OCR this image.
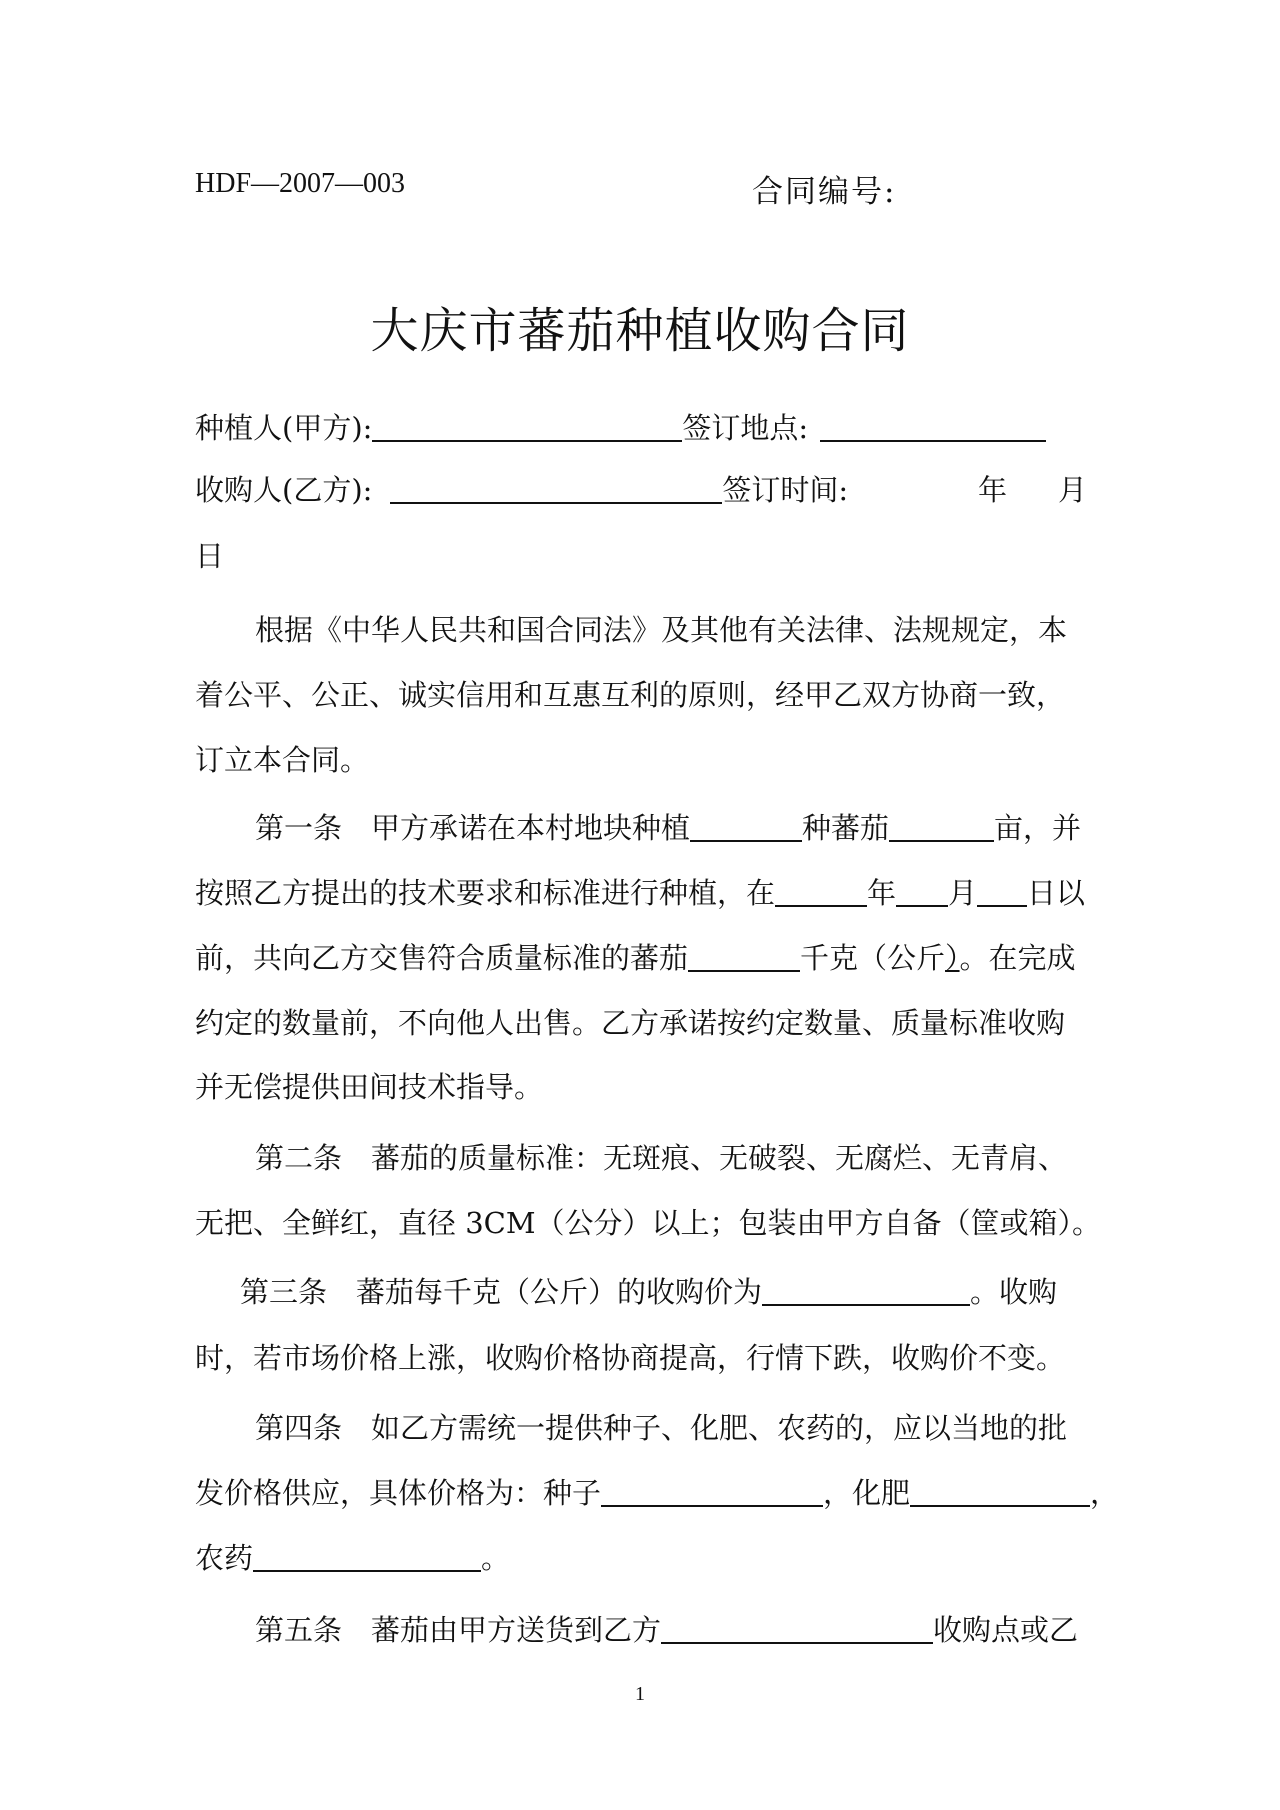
HDF—2007—003	合同编号:
大庆市蕃茄种植收购合同
种植人(甲方):	签订地点:
收购人(乙方):	签订时间:	年 月
日
根据《中华人民共和国合同法》及其他有关法律、法规规定，本
着公平、公正、诚实信用和互惠互利的原则，经甲乙双方协商一致，
订立本合同。
第一条　甲方承诺在本村地块种植	种蕃茄	亩，并
按照乙方提出的技术要求和标准进行种植，在	年 月 日以
前，共向乙方交售符合质量标准的蕃茄	千克（公斤）。在完成
约定的数量前，不向他人出售。乙方承诺按约定数量、质量标准收购
并无偿提供田间技术指导。
第二条　蕃茄的质量标准：无斑痕、无破裂、无腐烂、无青肩、
无把、全鲜红，直径 3CM（公分）以上；包装由甲方自备（筐或箱）。
第三条　蕃茄每千克（公斤）的收购价为	。收购
时，若市场价格上涨，收购价格协商提高，行情下跌，收购价不变。
第四条　如乙方需统一提供种子、化肥、农药的，应以当地的批
发价格供应，具体价格为：种子	，化肥	，
农药	。
第五条　蕃茄由甲方送货到乙方	收购点或乙
1
